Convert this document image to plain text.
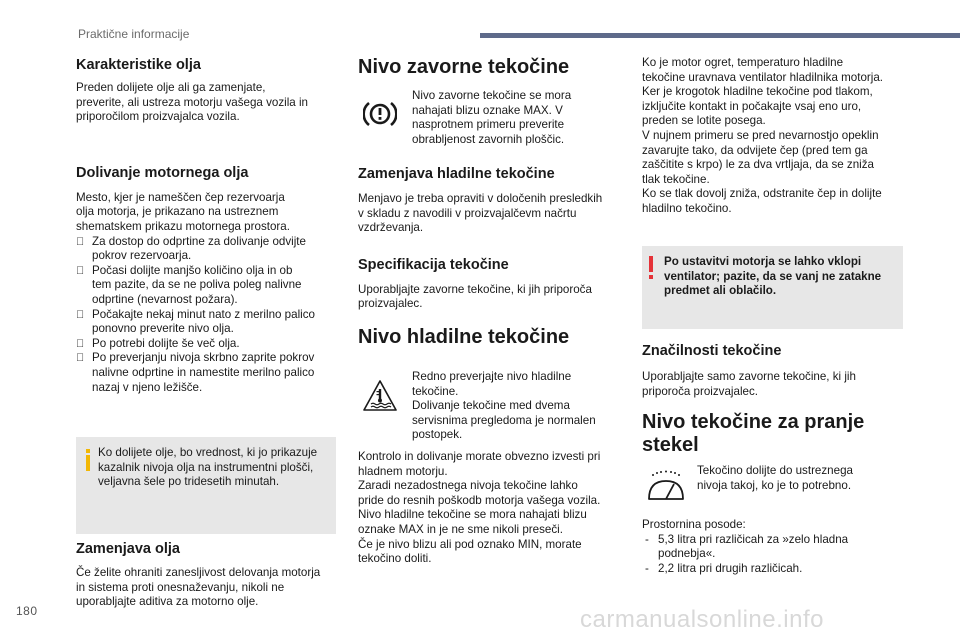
Praktične informacije
Karakteristike olja

Preden dolijete olje ali ga zamenjate,

preverite, ali ustreza motorju vašega vozila in

priporočilom proizvajalca vozila.

Dolivanje motornega olja

Mesto, kjer je nameščen čep rezervoarja

olja motorja, je prikazano na ustreznem

shematskem prikazu motornega prostora.

Za dostop do odprtine za dolivanje odvijte
pokrov rezervoarja.
Počasi dolijte manjšo količino olja in ob
tem pazite, da se ne poliva poleg nalivne
odprtine (nevarnost požara).
Počakajte nekaj minut nato z merilno palico
ponovno preverite nivo olja.
Po potrebi dolijte še več olja.
Po preverjanju nivoja skrbno zaprite pokrov
nalivne odprtine in namestite merilno palico
nazaj v njeno ležišče.

Ko dolijete olje, bo vrednost, ki jo prikazuje

kazalnik nivoja olja na instrumentni plošči,

veljavna šele po tridesetih minutah.

Zamenjava olja

Če želite ohraniti zanesljivost delovanja motorja

in sistema proti onesnaževanju, nikoli ne

uporabljajte aditiva za motorno olje.

Nivo zavorne tekočine

Nivo zavorne tekočine se mora

nahajati blizu oznake MAX. V

nasprotnem primeru preverite

obrabljenost zavornih ploščic.

Zamenjava hladilne tekočine

Menjavo je treba opraviti v določenih presledkih

v skladu z navodili v proizvajalčevm načrtu

vzdrževanja.

Specifikacija tekočine

Uporabljajte zavorne tekočine, ki jih priporoča

proizvajalec.

Nivo hladilne tekočine

Redno preverjajte nivo hladilne

tekočine.

Dolivanje tekočine med dvema

servisnima pregledoma je normalen

postopek.

Kontrolo in dolivanje morate obvezno izvesti pri

hladnem motorju.

Zaradi nezadostnega nivoja tekočine lahko

pride do resnih poškodb motorja vašega vozila.

Nivo hladilne tekočine se mora nahajati blizu

oznake MAX in je ne sme nikoli preseči.

Če je nivo blizu ali pod oznako MIN, morate

tekočino doliti.

Ko je motor ogret, temperaturo hladilne

tekočine uravnava ventilator hladilnika motorja.

Ker je krogotok hladilne tekočine pod tlakom,

izklјučite kontakt in počakajte vsaj eno uro,

preden se lotite posega.

V nujnem primeru se pred nevarnostjo opeklin

zavarujte tako, da odvijete čep (pred tem ga

zaščitite s krpo) le za dva vrtljaja, da se zniža

tlak tekočine.

Ko se tlak dovolj zniža, odstranite čep in dolijte

hladilno tekočino.

Po ustavitvi motorja se lahko vklopi

ventilator; pazite, da se vanj ne zatakne

predmet ali oblačilo.

Značilnosti tekočine

Uporabljajte samo zavorne tekočine, ki jih

priporoča proizvajalec.

Nivo tekočine za pranje
stekel

Tekočino dolijte do ustreznega

nivoja takoj, ko je to potrebno.

Prostornina posode:

- 5,3 litra pri različicah za »zelo hladna

podnebja«.

- 2,2 litra pri drugih različicah.

180	carmanualsonline.info
